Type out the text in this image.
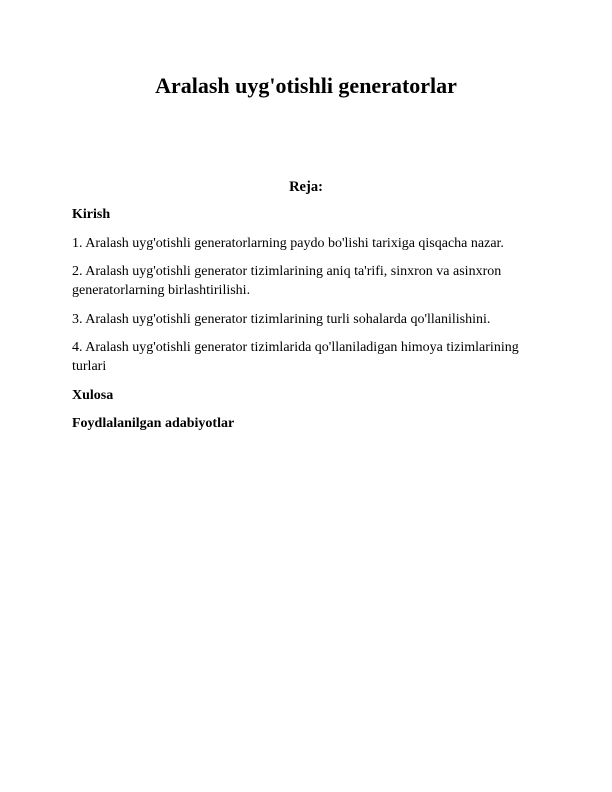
Aralash uyg'otishli generatorlar
Reja:
Kirish
1. Aralash uyg'otishli generatorlarning paydo bo'lishi tarixiga qisqacha nazar.
2. Aralash uyg'otishli generator tizimlarining aniq ta'rifi, sinxron va asinxron generatorlarning birlashtirilishi.
3. Aralash uyg'otishli generator tizimlarining turli sohalarda qo'llanilishini.
4. Aralash uyg'otishli generator tizimlarida qo'llaniladigan himoya tizimlarining turlari
Xulosa
Foydlalanilgan adabiyotlar
